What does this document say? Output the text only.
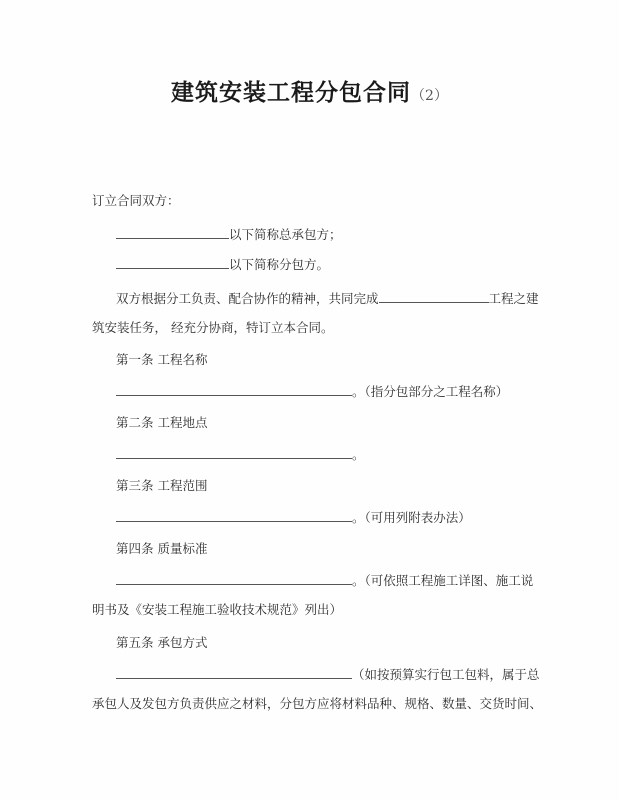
建筑安装工程分包合同（2）
订立合同双方：
以下简称总承包方；
以下简称分包方。
双方根据分工负责、配合协作的精神，共同完成	工程之建
筑安装任务， 经充分协商，特订立本合同。
第一条 工程名称
。（指分包部分之工程名称）
第二条 工程地点
。
第三条 工程范围
。（可用列附表办法）
第四条 质量标准
。（可依照工程施工详图、施工说
明书及《安装工程施工验收技术规范》列出）
第五条 承包方式
（如按预算实行包工包料，属于总
承包人及发包方负责供应之材料，分包方应将材料品种、规格、数量、交货时间、
